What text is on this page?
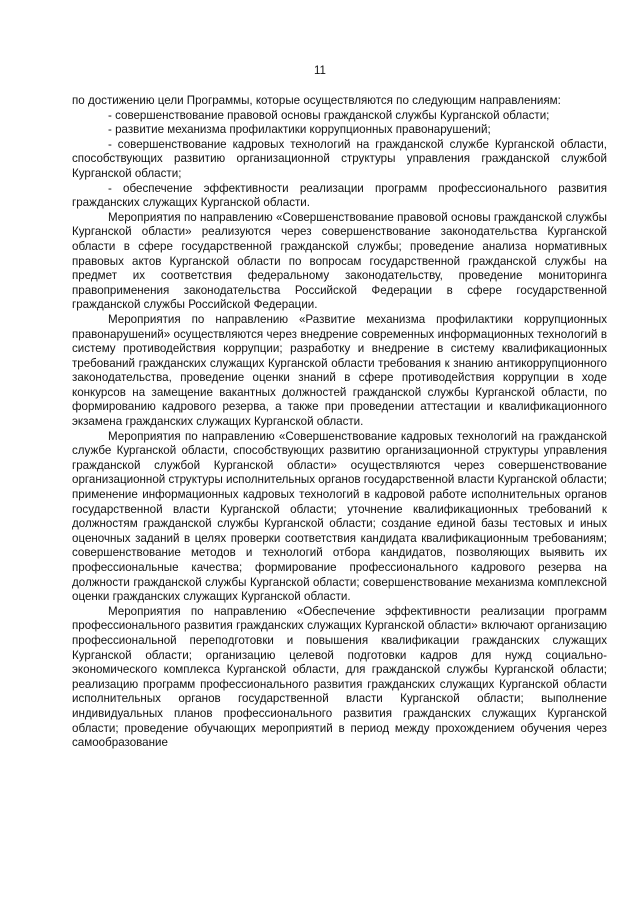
11

по достижению цели Программы, которые осуществляются по следующим направлениям:

- совершенствование правовой основы гражданской службы Курганской области;

- развитие механизма профилактики коррупционных правонарушений;

- совершенствование кадровых технологий на гражданской службе Курганской области, способствующих развитию организационной структуры управления гражданской службой Курганской области;

- обеспечение эффективности реализации программ профессионального развития гражданских служащих Курганской области.

Мероприятия по направлению «Совершенствование правовой основы гражданской службы Курганской области» реализуются через совершенствование законодательства Курганской области в сфере государственной гражданской службы; проведение анализа нормативных правовых актов Курганской области по вопросам государственной гражданской службы на предмет их соответствия федеральному законодательству, проведение мониторинга правоприменения законодательства Российской Федерации в сфере государственной гражданской службы Российской Федерации.

Мероприятия по направлению «Развитие механизма профилактики коррупционных правонарушений» осуществляются через внедрение современных информационных технологий в систему противодействия коррупции; разработку и внедрение в систему квалификационных требований гражданских служащих Курганской области требования к знанию антикоррупционного законодательства, проведение оценки знаний в сфере противодействия коррупции в ходе конкурсов на замещение вакантных должностей гражданской службы Курганской области, по формированию кадрового резерва, а также при проведении аттестации и квалификационного экзамена гражданских служащих Курганской области.

Мероприятия по направлению «Совершенствование кадровых технологий на гражданской службе Курганской области, способствующих развитию организационной структуры управления гражданской службой Курганской области» осуществляются через совершенствование организационной структуры исполнительных органов государственной власти Курганской области; применение информационных кадровых технологий в кадровой работе исполнительных органов государственной власти Курганской области; уточнение квалификационных требований к должностям гражданской службы Курганской области; создание единой базы тестовых и иных оценочных заданий в целях проверки соответствия кандидата квалификационным требованиям; совершенствование методов и технологий отбора кандидатов, позволяющих выявить их профессиональные качества; формирование профессионального кадрового резерва на должности гражданской службы Курганской области; совершенствование механизма комплексной оценки гражданских служащих Курганской области.

Мероприятия по направлению «Обеспечение эффективности реализации программ профессионального развития гражданских служащих Курганской области» включают организацию профессиональной переподготовки и повышения квалификации гражданских служащих Курганской области; организацию целевой подготовки кадров для нужд социально-экономического комплекса Курганской области, для гражданской службы Курганской области; реализацию программ профессионального развития гражданских служащих Курганской области исполнительных органов государственной власти Курганской области; выполнение индивидуальных планов профессионального развития гражданских служащих Курганской области; проведение обучающих мероприятий в период между прохождением обучения через самообразование
